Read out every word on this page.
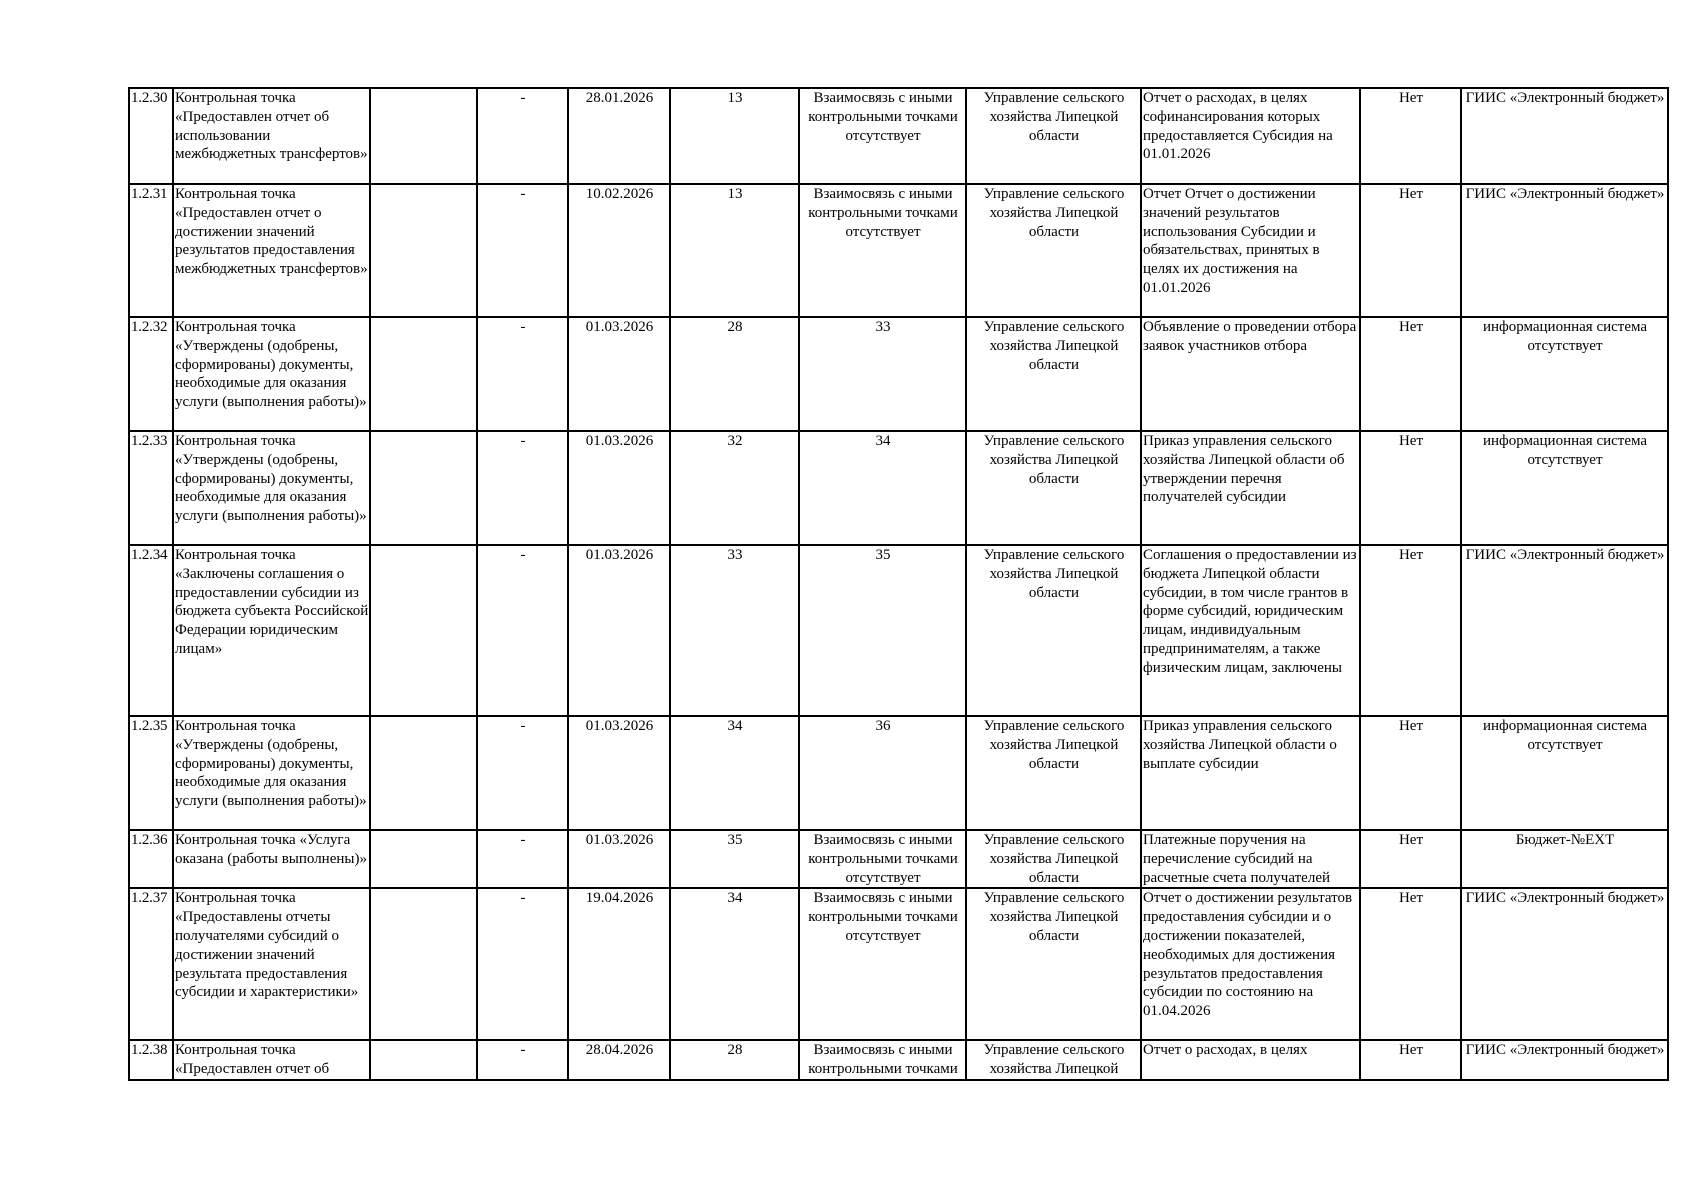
1.2.30	Контрольная точка «Предоставлен отчет об использовании межбюджетных трансфертов»		-	28.01.2026	13	Взаимосвязь с иными контрольными точками отсутствует	Управление сельского хозяйства Липецкой области	Отчет о расходах, в целях софинансирования которых предоставляется Субсидия на 01.01.2026	Нет	ГИИС «Электронный бюджет»
1.2.31	Контрольная точка «Предоставлен отчет о достижении значений результатов предоставления межбюджетных трансфертов»		-	10.02.2026	13	Взаимосвязь с иными контрольными точками отсутствует	Управление сельского хозяйства Липецкой области	Отчет Отчет о достижении значений результатов использования Субсидии и обязательствах, принятых в целях их достижения на 01.01.2026	Нет	ГИИС «Электронный бюджет»
1.2.32	Контрольная точка «Утверждены (одобрены, сформированы) документы, необходимые для оказания услуги (выполнения работы)»		-	01.03.2026	28	33	Управление сельского хозяйства Липецкой области	Объявление о проведении отбора заявок участников отбора	Нет	информационная система отсутствует
1.2.33	Контрольная точка «Утверждены (одобрены, сформированы) документы, необходимые для оказания услуги (выполнения работы)»		-	01.03.2026	32	34	Управление сельского хозяйства Липецкой области	Приказ управления сельского хозяйства Липецкой области об утверждении перечня получателей субсидии	Нет	информационная система отсутствует
1.2.34	Контрольная точка «Заключены соглашения о предоставлении субсидии из бюджета субъекта Российской Федерации юридическим лицам»		-	01.03.2026	33	35	Управление сельского хозяйства Липецкой области	Соглашения о предоставлении из бюджета Липецкой области субсидии, в том числе грантов в форме субсидий, юридическим лицам, индивидуальным предпринимателям, а также физическим лицам, заключены	Нет	ГИИС «Электронный бюджет»
1.2.35	Контрольная точка «Утверждены (одобрены, сформированы) документы, необходимые для оказания услуги (выполнения работы)»		-	01.03.2026	34	36	Управление сельского хозяйства Липецкой области	Приказ управления сельского хозяйства Липецкой области о выплате субсидии	Нет	информационная система отсутствует
1.2.36	Контрольная точка «Услуга оказана (работы выполнены)»		-	01.03.2026	35	Взаимосвязь с иными контрольными точками отсутствует	Управление сельского хозяйства Липецкой области	Платежные поручения на перечисление субсидий на расчетные счета получателей	Нет	Бюджет-№EXT
1.2.37	Контрольная точка «Предоставлены отчеты получателями субсидий о достижении значений результата предоставления субсидии и характеристики»		-	19.04.2026	34	Взаимосвязь с иными контрольными точками отсутствует	Управление сельского хозяйства Липецкой области	Отчет о достижении результатов предоставления субсидии и о достижении показателей, необходимых для достижения результатов предоставления субсидии по состоянию на 01.04.2026	Нет	ГИИС «Электронный бюджет»
1.2.38	Контрольная точка «Предоставлен отчет об		-	28.04.2026	28	Взаимосвязь с иными контрольными точками	Управление сельского хозяйства Липецкой	Отчет о расходах, в целях	Нет	ГИИС «Электронный бюджет»
